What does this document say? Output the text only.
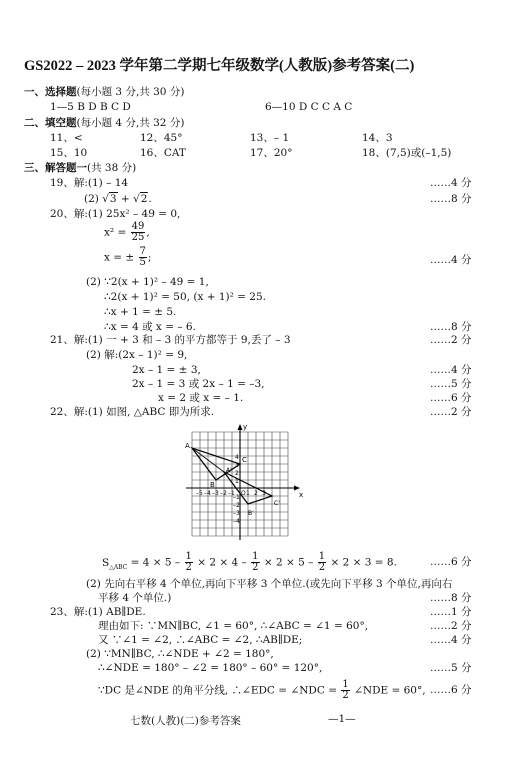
GS2022 – 2023 学年第二学期七年级数学(人教版)参考答案(二)
一、选择题(每小题 3 分,共 30 分)
1—5 B D B C D	6—10 D C C A C
二、填空题(每小题 4 分,共 32 分)
11、<	12、45°	13、– 1	14、3
15、10	16、CAT	17、20°	18、(7,5)或(–1,5)
三、解答题一(共 38 分)
19、解:(1) – 14	……4 分
(2) √3 + √2.	……8 分
20、解:(1) 25x² – 49 = 0,
$x^2 = \frac{49}{25}$ ,
x = ± $\frac{7}{5}$ ;	……4 分
(2) ∵2(x + 1)² – 49 = 1,
∴2(x + 1)² = 50, (x + 1)² = 25.
∴x + 1 = ± 5.
∴x = 4 或 x = – 6.	……8 分
21、解:(1) 一 + 3 和 – 3 的平方都等于 9,丢了 – 3	……2 分
(2) 解:(2x – 1)² = 9,
2x – 1 = ± 3,	……4 分
2x – 1 = 3 或 2x – 1 = –3,	……5 分
x = 2 或 x = – 1.	……6 分
22、解:(1) 如图, △ABC 即为所求.	……2 分
x
y
O
–5 –4 –3 –2 –1 1 2 3
4
3
2
1
–1
–2
–3
–4
A
B
C
A'
B'
C'
$S_{\triangle ABC} = 4 \times 5 - \frac{1}{2} \times 2 \times 4 - \frac{1}{2} \times 2 \times 5 - \frac{1}{2} \times 2 \times 3 = 8$.	……6 分
(2) 先向右平移 4 个单位,再向下平移 3 个单位.(或先向下平移 3 个单位,再向右
平移 4 个单位.)	……8 分
23、解:(1) AB∥DE.	……1 分
理由如下: ∵MN∥BC, ∠1 = 60°, ∴∠ABC = ∠1 = 60°,	……2 分
又 ∵∠1 = ∠2, ∴∠ABC = ∠2, ∴AB∥DE;	……4 分
(2) ∵MN∥BC, ∴∠NDE + ∠2 = 180°,
∴∠NDE = 180° – ∠2 = 180° – 60° = 120°,	……5 分
∵DC 是∠NDE 的角平分线, ∴∠EDC = ∠NDC = $\frac{1}{2}$ ∠NDE = 60°, ……6 分
七数(人教)(二)参考答案	—1—
